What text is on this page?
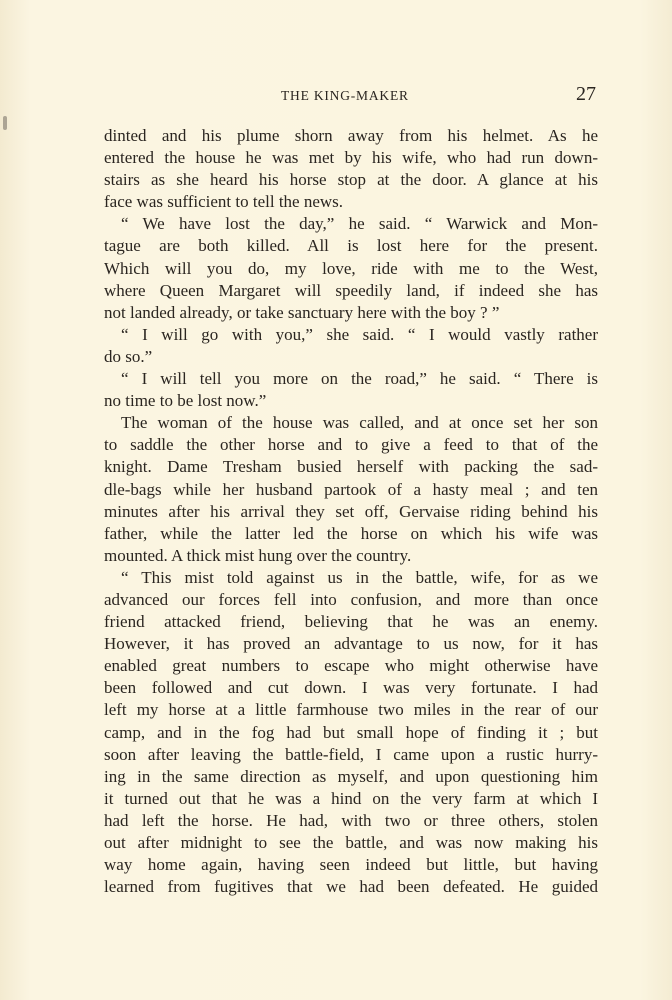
THE KING-MAKER	27
dinted and his plume shorn away from his helmet. As he
entered the house he was met by his wife, who had run down-
stairs as she heard his horse stop at the door. A glance at his
face was sufficient to tell the news.
“ We have lost the day,” he said. “ Warwick and Mon-
tague are both killed. All is lost here for the present.
Which will you do, my love, ride with me to the West,
where Queen Margaret will speedily land, if indeed she has
not landed already, or take sanctuary here with the boy ? ”
“ I will go with you,” she said. “ I would vastly rather
do so.”
“ I will tell you more on the road,” he said. “ There is
no time to be lost now.”
The woman of the house was called, and at once set her son
to saddle the other horse and to give a feed to that of the
knight. Dame Tresham busied herself with packing the sad-
dle-bags while her husband partook of a hasty meal ; and ten
minutes after his arrival they set off, Gervaise riding behind his
father, while the latter led the horse on which his wife was
mounted. A thick mist hung over the country.
“ This mist told against us in the battle, wife, for as we
advanced our forces fell into confusion, and more than once
friend attacked friend, believing that he was an enemy.
However, it has proved an advantage to us now, for it has
enabled great numbers to escape who might otherwise have
been followed and cut down. I was very fortunate. I had
left my horse at a little farmhouse two miles in the rear of our
camp, and in the fog had but small hope of finding it ; but
soon after leaving the battle-field, I came upon a rustic hurry-
ing in the same direction as myself, and upon questioning him
it turned out that he was a hind on the very farm at which I
had left the horse. He had, with two or three others, stolen
out after midnight to see the battle, and was now making his
way home again, having seen indeed but little, but having
learned from fugitives that we had been defeated. He guided
